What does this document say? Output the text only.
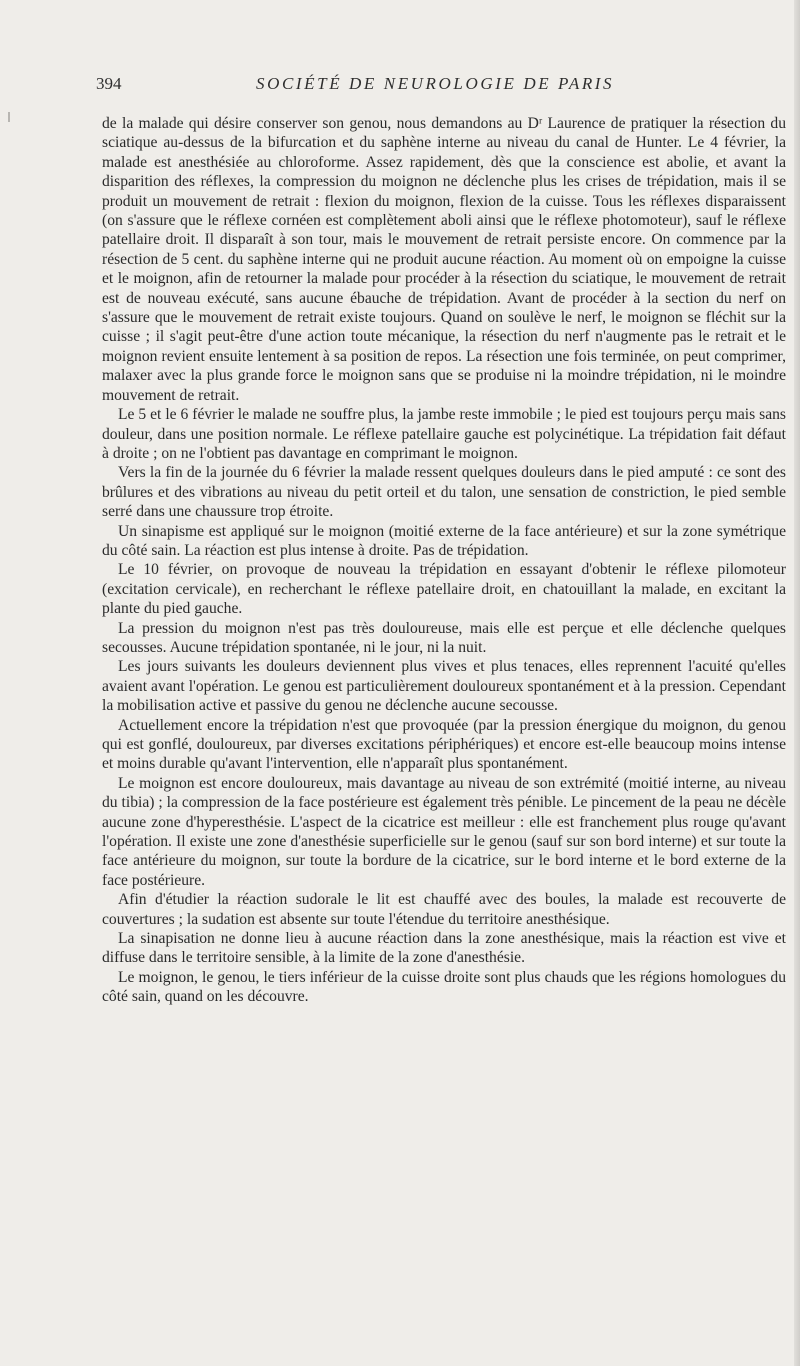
394	SOCIÉTÉ DE NEUROLOGIE DE PARIS

de la malade qui désire conserver son genou, nous demandons au Dʳ Laurence de pratiquer la résection du sciatique au-dessus de la bifurcation et du saphène interne au niveau du canal de Hunter. Le 4 février, la malade est anesthésiée au chloroforme. Assez rapidement, dès que la conscience est abolie, et avant la disparition des réflexes, la compression du moignon ne déclenche plus les crises de trépidation, mais il se produit un mouvement de retrait : flexion du moignon, flexion de la cuisse. Tous les réflexes disparaissent (on s'assure que le réflexe cornéen est complètement aboli ainsi que le réflexe photomoteur), sauf le réflexe patellaire droit. Il disparaît à son tour, mais le mouvement de retrait persiste encore. On commence par la résection de 5 cent. du saphène interne qui ne produit aucune réaction. Au moment où on empoigne la cuisse et le moignon, afin de retourner la malade pour procéder à la résection du sciatique, le mouvement de retrait est de nouveau exécuté, sans aucune ébauche de trépidation. Avant de procéder à la section du nerf on s'assure que le mouvement de retrait existe toujours. Quand on soulève le nerf, le moignon se fléchit sur la cuisse ; il s'agit peut-être d'une action toute mécanique, la résection du nerf n'augmente pas le retrait et le moignon revient ensuite lentement à sa position de repos. La résection une fois terminée, on peut comprimer, malaxer avec la plus grande force le moignon sans que se produise ni la moindre trépidation, ni le moindre mouvement de retrait.

Le 5 et le 6 février le malade ne souffre plus, la jambe reste immobile ; le pied est toujours perçu mais sans douleur, dans une position normale. Le réflexe patellaire gauche est polycinétique. La trépidation fait défaut à droite ; on ne l'obtient pas davantage en comprimant le moignon.

Vers la fin de la journée du 6 février la malade ressent quelques douleurs dans le pied amputé : ce sont des brûlures et des vibrations au niveau du petit orteil et du talon, une sensation de constriction, le pied semble serré dans une chaussure trop étroite.

Un sinapisme est appliqué sur le moignon (moitié externe de la face antérieure) et sur la zone symétrique du côté sain. La réaction est plus intense à droite. Pas de trépidation.

Le 10 février, on provoque de nouveau la trépidation en essayant d'obtenir le réflexe pilomoteur (excitation cervicale), en recherchant le réflexe patellaire droit, en chatouillant la malade, en excitant la plante du pied gauche.

La pression du moignon n'est pas très douloureuse, mais elle est perçue et elle déclenche quelques secousses. Aucune trépidation spontanée, ni le jour, ni la nuit.

Les jours suivants les douleurs deviennent plus vives et plus tenaces, elles reprennent l'acuité qu'elles avaient avant l'opération. Le genou est particulièrement douloureux spontanément et à la pression. Cependant la mobilisation active et passive du genou ne déclenche aucune secousse.

Actuellement encore la trépidation n'est que provoquée (par la pression énergique du moignon, du genou qui est gonflé, douloureux, par diverses excitations périphériques) et encore est-elle beaucoup moins intense et moins durable qu'avant l'intervention, elle n'apparaît plus spontanément.

Le moignon est encore douloureux, mais davantage au niveau de son extrémité (moitié interne, au niveau du tibia) ; la compression de la face postérieure est également très pénible. Le pincement de la peau ne décèle aucune zone d'hyperesthésie. L'aspect de la cicatrice est meilleur : elle est franchement plus rouge qu'avant l'opération. Il existe une zone d'anesthésie superficielle sur le genou (sauf sur son bord interne) et sur toute la face antérieure du moignon, sur toute la bordure de la cicatrice, sur le bord interne et le bord externe de la face postérieure.

Afin d'étudier la réaction sudorale le lit est chauffé avec des boules, la malade est recouverte de couvertures ; la sudation est absente sur toute l'étendue du territoire anesthésique.

La sinapisation ne donne lieu à aucune réaction dans la zone anesthésique, mais la réaction est vive et diffuse dans le territoire sensible, à la limite de la zone d'anesthésie.

Le moignon, le genou, le tiers inférieur de la cuisse droite sont plus chauds que les régions homologues du côté sain, quand on les découvre.
